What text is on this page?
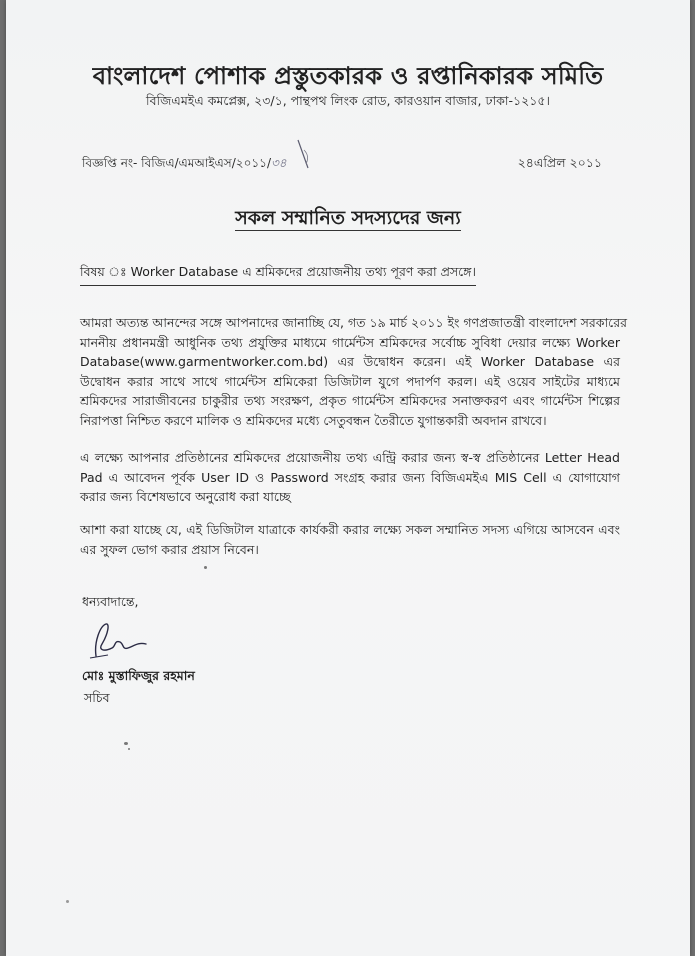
বাংলাদেশ পোশাক প্রস্তুতকারক ও রপ্তানিকারক সমিতি
বিজিএমইএ কমপ্লেক্স, ২৩/১, পান্থপথ লিংক রোড, কারওয়ান বাজার, ঢাকা-১২১৫।
বিজ্ঞপ্তি নং- বিজিএ/এমআইএস/২০১১/৩৪	২৪এপ্রিল ২০১১
সকল সম্মানিত সদস্যদের জন্য
বিষয় ঃ Worker Database এ শ্রমিকদের প্রয়োজনীয় তথ্য পূরণ করা প্রসঙ্গে।
আমরা অত্যন্ত আনন্দের সঙ্গে আপনাদের জানাচ্ছি যে, গত ১৯ মার্চ ২০১১ ইং গণপ্রজাতন্ত্রী বাংলাদেশ সরকারের
মাননীয় প্রধানমন্ত্রী আধুনিক তথ্য প্রযুক্তির মাধ্যমে গার্মেন্টস শ্রমিকদের সর্বোচ্চ সুবিধা দেয়ার লক্ষ্যে Worker
Database(www.garmentworker.com.bd) এর উদ্বোধন করেন। এই Worker Database এর
উদ্বোধন করার সাথে সাথে গার্মেন্টস শ্রমিকেরা ডিজিটাল যুগে পদার্পণ করল। এই ওয়েব সাইটের মাধ্যমে
শ্রমিকদের সারাজীবনের চাকুরীর তথ্য সংরক্ষণ, প্রকৃত গার্মেন্টস শ্রমিকদের সনাক্তকরণ এবং গার্মেন্টস শিল্পের
নিরাপত্তা নিশ্চিত করণে মালিক ও শ্রমিকদের মধ্যে সেতুবন্ধন তৈরীতে যুগান্তকারী অবদান রাখবে।
এ লক্ষ্যে আপনার প্রতিষ্ঠানের শ্রমিকদের প্রয়োজনীয় তথ্য এন্ট্রি করার জন্য স্ব-স্ব প্রতিষ্ঠানের Letter Head
Pad এ আবেদন পূর্বক User ID ও Password সংগ্রহ করার জন্য বিজিএমইএ MIS Cell এ যোগাযোগ
করার জন্য বিশেষভাবে অনুরোধ করা যাচ্ছে
আশা করা যাচ্ছে যে, এই ডিজিটাল যাত্রাকে কার্যকরী করার লক্ষ্যে সকল সম্মানিত সদস্য এগিয়ে আসবেন এবং
এর সুফল ভোগ করার প্রয়াস নিবেন।
ধন্যবাদান্তে,
মোঃ মুস্তাফিজুর রহমান
সচিব
